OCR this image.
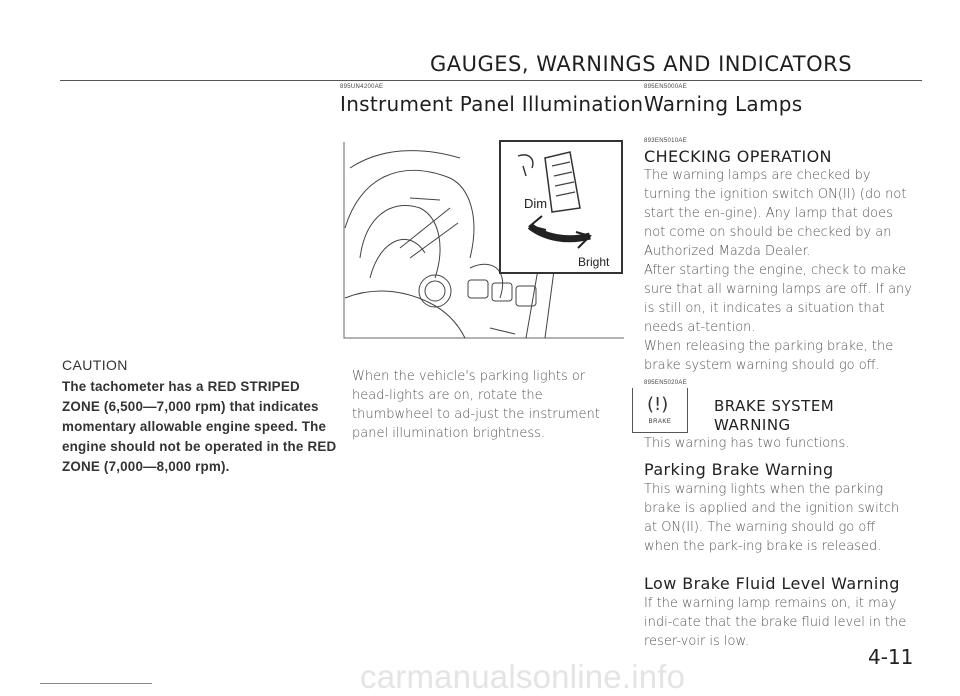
GAUGES, WARNINGS AND INDICATORS
895UN4200AE
Instrument Panel Illumination
Dim
Bright
When the vehicle's parking lights or head-lights are on, rotate the thumbwheel to ad-just the instrument panel illumination brightness.
CAUTION
The tachometer has a RED STRIPED ZONE (6,500—7,000 rpm) that indicates momentary allowable engine speed. The engine should not be operated in the RED ZONE (7,000—8,000 rpm).
895EN5000AE
Warning Lamps
893EN5010AE
CHECKING OPERATION
The warning lamps are checked by turning the ignition switch ON(II) (do not start the en-gine). Any lamp that does not come on should be checked by an Authorized Mazda Dealer.
After starting the engine, check to make sure that all warning lamps are off. If any is still on, it indicates a situation that needs at-tention.
When releasing the parking brake, the brake system warning should go off.
895EN5020AE
(!)
BRAKE
BRAKE SYSTEM
WARNING
This warning has two functions.
Parking Brake Warning
This warning lights when the parking brake is applied and the ignition switch at ON(II). The warning should go off when the park-ing brake is released.
Low Brake Fluid Level Warning
If the warning lamp remains on, it may indi-cate that the brake fluid level in the reser-voir is low.
4-11
carmanualsonline.info
